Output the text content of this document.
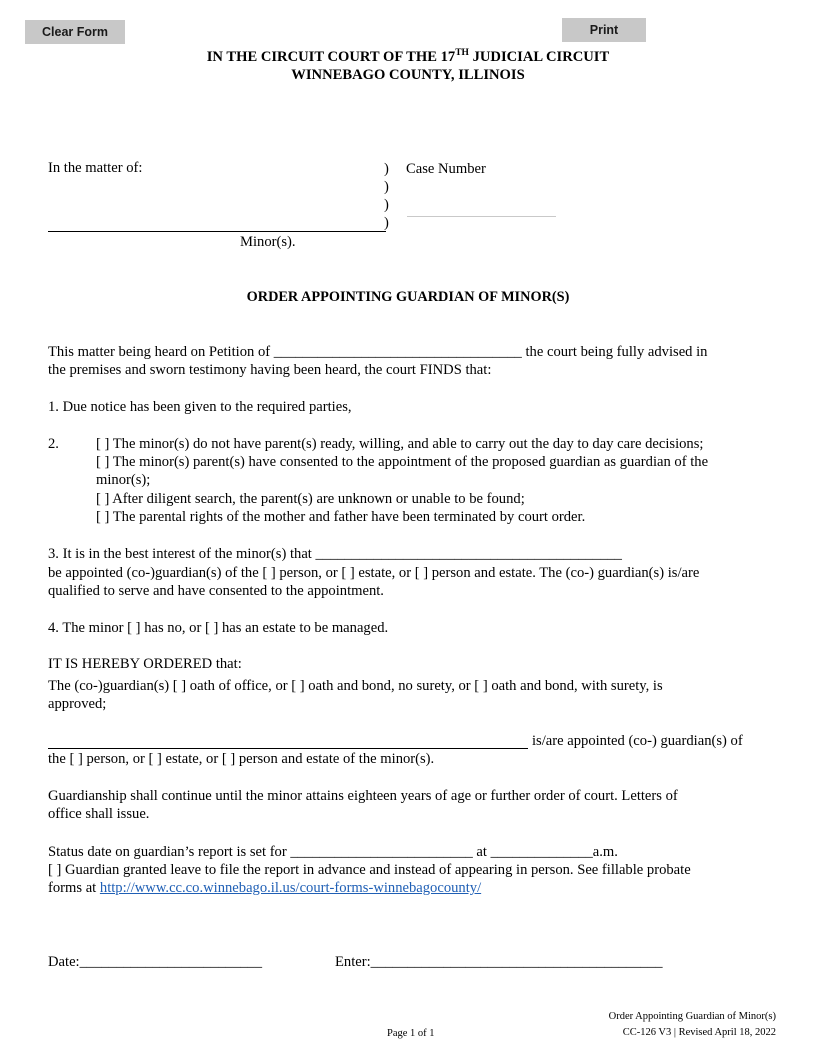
Clear Form	Print
IN THE CIRCUIT COURT OF THE 17TH JUDICIAL CIRCUIT
WINNEBAGO COUNTY, ILLINOIS
In the matter of:	)
)
)
)
Case Number
Minor(s).
ORDER APPOINTING GUARDIAN OF MINOR(S)
This matter being heard on Petition of __________________________________ the court being fully advised in
the premises and sworn testimony having been heard, the court FINDS that:
1. Due notice has been given to the required parties,
2.	[ ] The minor(s) do not have parent(s) ready, willing, and able to carry out the day to day care decisions;
[ ] The minor(s) parent(s) have consented to the appointment of the proposed guardian as guardian of the
minor(s);
[ ] After diligent search, the parent(s) are unknown or unable to be found;
[ ] The parental rights of the mother and father have been terminated by court order.
3. It is in the best interest of the minor(s) that __________________________________________
be appointed (co-)guardian(s) of the [ ] person, or [ ] estate, or [ ] person and estate. The (co-) guardian(s) is/are
qualified to serve and have consented to the appointment.
4. The minor [ ] has no, or [ ] has an estate to be managed.
IT IS HEREBY ORDERED that:
The (co-)guardian(s) [ ] oath of office, or [ ] oath and bond, no surety, or [ ] oath and bond, with surety, is
approved;
is/are appointed (co-) guardian(s) of
the [ ] person, or [ ] estate, or [ ] person and estate of the minor(s).
Guardianship shall continue until the minor attains eighteen years of age or further order of court. Letters of
office shall issue.
Status date on guardian’s report is set for _________________________ at ______________a.m.
[ ] Guardian granted leave to file the report in advance and instead of appearing in person. See fillable probate
forms at http://www.cc.co.winnebago.il.us/court-forms-winnebagocounty/
Date:_________________________	Enter:________________________________________
Page 1 of 1
Order Appointing Guardian of Minor(s)
CC-126 V3 | Revised April 18, 2022
